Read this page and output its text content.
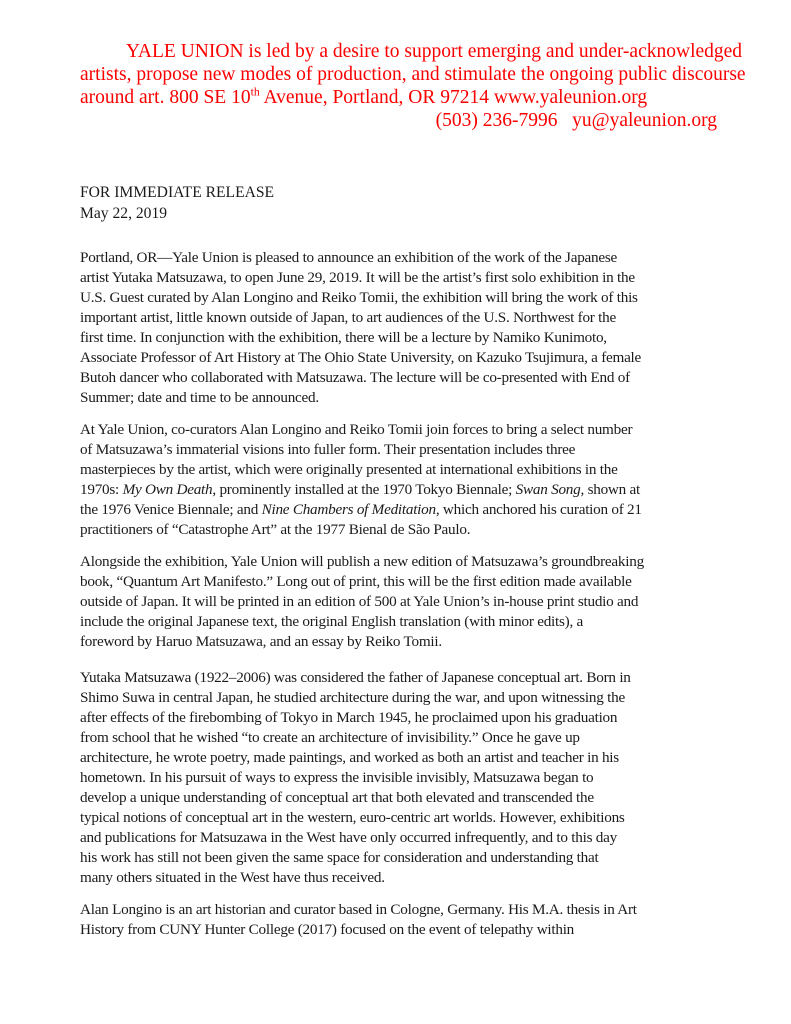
YALE UNION is led by a desire to support emerging and under-acknowledged
artists, propose new modes of production, and stimulate the ongoing public discourse
around art. 800 SE 10th Avenue, Portland, OR 97214 www.yaleunion.org
(503) 236-7996   yu@yaleunion.org
FOR IMMEDIATE RELEASE
May 22, 2019
Portland, OR—Yale Union is pleased to announce an exhibition of the work of the Japanese
artist Yutaka Matsuzawa, to open June 29, 2019. It will be the artist’s first solo exhibition in the
U.S. Guest curated by Alan Longino and Reiko Tomii, the exhibition will bring the work of this
important artist, little known outside of Japan, to art audiences of the U.S. Northwest for the
first time. In conjunction with the exhibition, there will be a lecture by Namiko Kunimoto,
Associate Professor of Art History at The Ohio State University, on Kazuko Tsujimura, a female
Butoh dancer who collaborated with Matsuzawa. The lecture will be co-presented with End of
Summer; date and time to be announced.
At Yale Union, co-curators Alan Longino and Reiko Tomii join forces to bring a select number
of Matsuzawa’s immaterial visions into fuller form. Their presentation includes three
masterpieces by the artist, which were originally presented at international exhibitions in the
1970s: My Own Death, prominently installed at the 1970 Tokyo Biennale; Swan Song, shown at
the 1976 Venice Biennale; and Nine Chambers of Meditation, which anchored his curation of 21
practitioners of “Catastrophe Art” at the 1977 Bienal de São Paulo.
Alongside the exhibition, Yale Union will publish a new edition of Matsuzawa’s groundbreaking
book, “Quantum Art Manifesto.” Long out of print, this will be the first edition made available
outside of Japan. It will be printed in an edition of 500 at Yale Union’s in-house print studio and
include the original Japanese text, the original English translation (with minor edits), a
foreword by Haruo Matsuzawa, and an essay by Reiko Tomii.
Yutaka Matsuzawa (1922–2006) was considered the father of Japanese conceptual art. Born in
Shimo Suwa in central Japan, he studied architecture during the war, and upon witnessing the
after effects of the firebombing of Tokyo in March 1945, he proclaimed upon his graduation
from school that he wished “to create an architecture of invisibility.” Once he gave up
architecture, he wrote poetry, made paintings, and worked as both an artist and teacher in his
hometown. In his pursuit of ways to express the invisible invisibly, Matsuzawa began to
develop a unique understanding of conceptual art that both elevated and transcended the
typical notions of conceptual art in the western, euro-centric art worlds. However, exhibitions
and publications for Matsuzawa in the West have only occurred infrequently, and to this day
his work has still not been given the same space for consideration and understanding that
many others situated in the West have thus received.
Alan Longino is an art historian and curator based in Cologne, Germany. His M.A. thesis in Art
History from CUNY Hunter College (2017) focused on the event of telepathy within
